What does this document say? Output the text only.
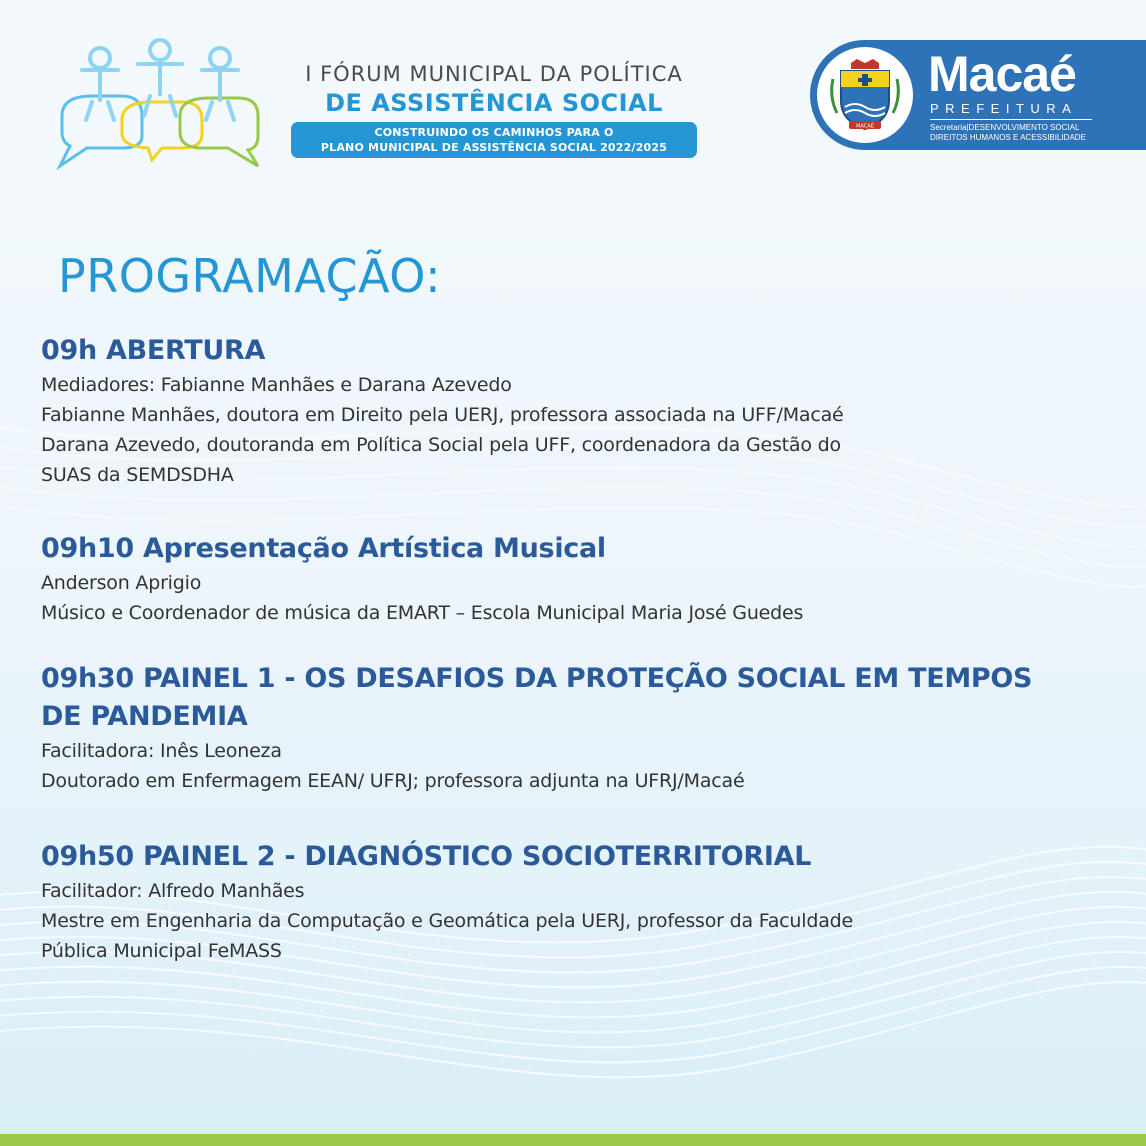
I FÓRUM MUNICIPAL DA POLÍTICA
DE ASSISTÊNCIA SOCIAL
CONSTRUINDO OS CAMINHOS PARA O
PLANO MUNICIPAL DE ASSISTÊNCIA SOCIAL 2022/2025
MACAÉ
Macaé
PREFEITURA
Secretaria|DESENVOLVIMENTO SOCIAL
DIREITOS HUMANOS E ACESSIBILIDADE
PROGRAMAÇÃO:

09h ABERTURA

Mediadores: Fabianne Manhães e Darana Azevedo

Fabianne Manhães, doutora em Direito pela UERJ, professora associada na UFF/Macaé

Darana Azevedo, doutoranda em Política Social pela UFF, coordenadora da Gestão do

SUAS da SEMDSDHA

09h10 Apresentação Artística Musical

Anderson Aprigio

Músico e Coordenador de música da EMART – Escola Municipal Maria José Guedes

09h30 PAINEL 1 - OS DESAFIOS DA PROTEÇÃO SOCIAL EM TEMPOS

DE PANDEMIA

Facilitadora: Inês Leoneza

Doutorado em Enfermagem EEAN/ UFRJ; professora adjunta na UFRJ/Macaé

09h50 PAINEL 2 - DIAGNÓSTICO SOCIOTERRITORIAL

Facilitador: Alfredo Manhães

Mestre em Engenharia da Computação e Geomática pela UERJ, professor da Faculdade
Pública Municipal FeMASS
